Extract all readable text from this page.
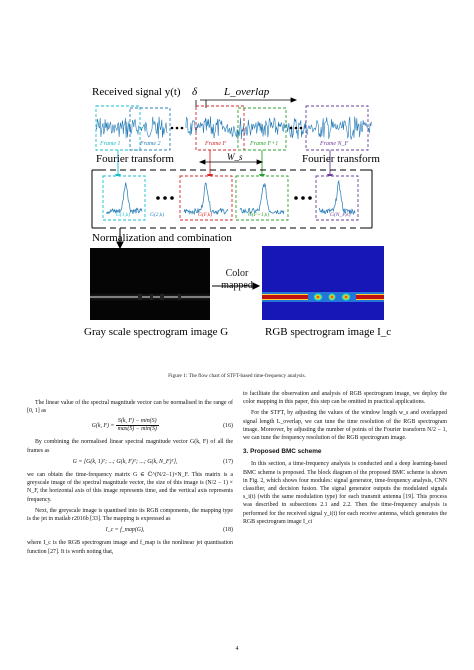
Received signal y(t) δ L_overlap
Frame 1	Frame 2	Frame F	Frame F+1	Frame N_F
W_s
Fourier transform	Fourier transform
G(1,k)	G(2,k)	G(F,k)	G(F+1,k)	G(N_F,k)
Normalization and combination
Color mapped
Gray scale spectrogram image G	RGB spectrogram image I_c
Figure 1: The flow chart of STFT-based time-frequency analysis.

The linear value of the spectral magnitude vector can be normalised in the range of [0, 1] as

G(k, $F) = \frac{S(k, F) - \min(S)}{\max(S) - \min(S)}$	(16)

By combining the normalised linear spectral magnitude vector G(k, F) of all the frames as

G = [G(k, 1)ᵀ; ...; G(k, F)ᵀ; ...; G(k, N_F)ᵀ],	(17)

we can obtain the time-frequency matrix G ∈ ℂ^(N/2−1)×N_F. This matrix is a greyscale image of the spectral magnitude vector, the size of this image is (N/2 − 1) × N_F, the horizontal axis of this image represents time, and the vertical axis represents frequency.

Next, the greyscale image is quantised into its RGB components, the mapping type is the jet in matlab r2016b [33]. The mapping is expressed as

I_c = f_map(G),	(18)

where I_c is the RGB spectrogram image and f_map is the nonlinear jet quantisation function [27]. It is worth noting that,

to facilitate the observation and analysis of RGB spectrogram image, we deploy the color mapping in this paper, this step can be omitted in practical applications.

For the STFT, by adjusting the values of the window length w_s and overlapped signal length L_overlap, we can tune the time resolution of the RGB spectrogram image. Moreover, by adjusting the number of points of the Fourier transform N/2 − 1, we can tune the frequency resolution of the RGB spectrogram image.

3. Proposed BMC scheme

In this section, a time-frequency analysis is conducted and a deep learning-based BMC scheme is proposed. The block diagram of the proposed BMC scheme is shown in Fig. 2, which shows four modules: signal generator, time-frequency analysis, CNN classifier, and decision fusion. The signal generator outputs the modulated signals s_i(t) (with the same modulation type) for each transmit antenna [19]. This process was described in subsections 2.1 and 2.2. Then the time-frequency analysis is performed for the received signal y_i(t) for each receive antenna, which generates the RGB spectrogram image I_ci

4
